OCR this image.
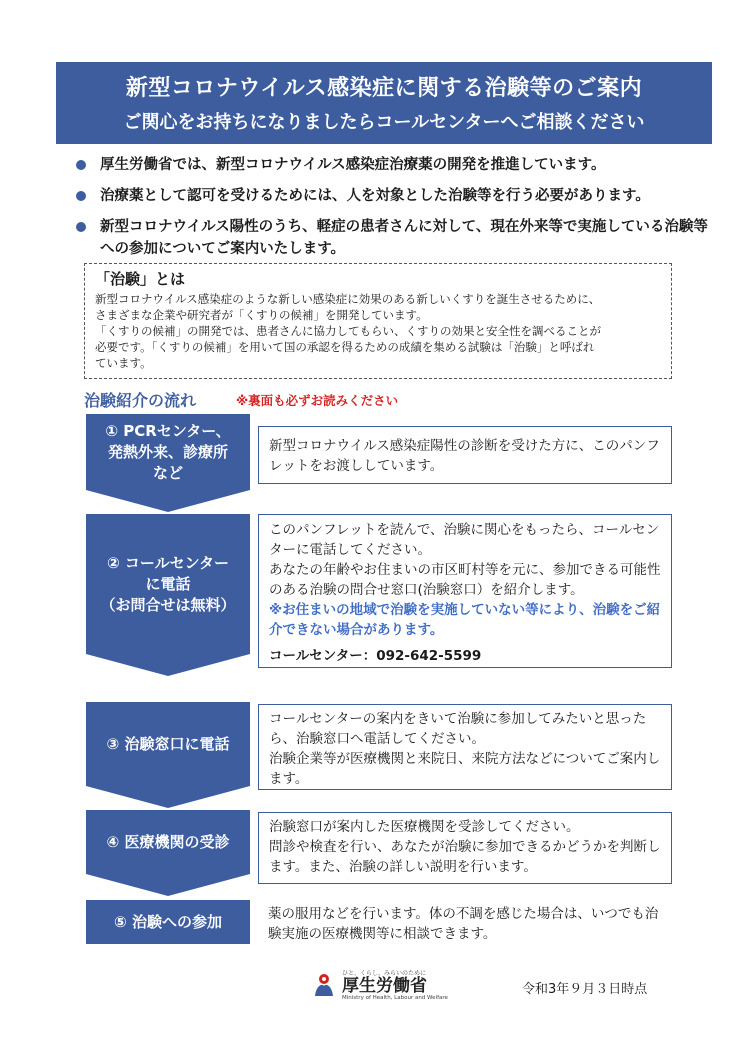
新型コロナウイルス感染症に関する治験等のご案内
ご関心をお持ちになりましたらコールセンターへご相談ください
厚生労働省では、新型コロナウイルス感染症治療薬の開発を推進しています。
治療薬として認可を受けるためには、人を対象とした治験等を行う必要があります。
新型コロナウイルス陽性のうち、軽症の患者さんに対して、現在外来等で実施している治験等への参加についてご案内いたします。
「治験」とは

新型コロナウイルス感染症のような新しい感染症に効果のある新しいくすりを誕生させるために、

さまざまな企業や研究者が「くすりの候補」を開発しています。

「くすりの候補」の開発では、患者さんに協力してもらい、くすりの効果と安全性を調べることが

必要です。「くすりの候補」を用いて国の承認を得るための成績を集める試験は「治験」と呼ばれ

ています。

治験紹介の流れ	※裏面も必ずお読みください
① PCRセンター、
発熱外来、診療所
など

新型コロナウイルス感染症陽性の診断を受けた方に、このパンフレットをお渡ししています。

② コールセンター
に電話
（お問合せは無料）

このパンフレットを読んで、治験に関心をもったら、コールセンターに電話してください。

あなたの年齢やお住まいの市区町村等を元に、参加できる可能性のある治験の問合せ窓口(治験窓口）を紹介します。

※お住まいの地域で治験を実施していない等により、治験をご紹介できない場合があります。

コールセンター：092-642-5599

③ 治験窓口に電話

コールセンターの案内をきいて治験に参加してみたいと思ったら、治験窓口へ電話してください。

治験企業等が医療機関と来院日、来院方法などについてご案内します。

④ 医療機関の受診

治験窓口が案内した医療機関を受診してください。

問診や検査を行い、あなたが治験に参加できるかどうかを判断します。また、治験の詳しい説明を行います。

⑤ 治験への参加	薬の服用などを行います。体の不調を感じた場合は、いつでも治験実施の医療機関等に相談できます。

ひと、くらし、みらいのために
厚生労働省
Ministry of Health, Labour and Welfare
令和3年９月３日時点
